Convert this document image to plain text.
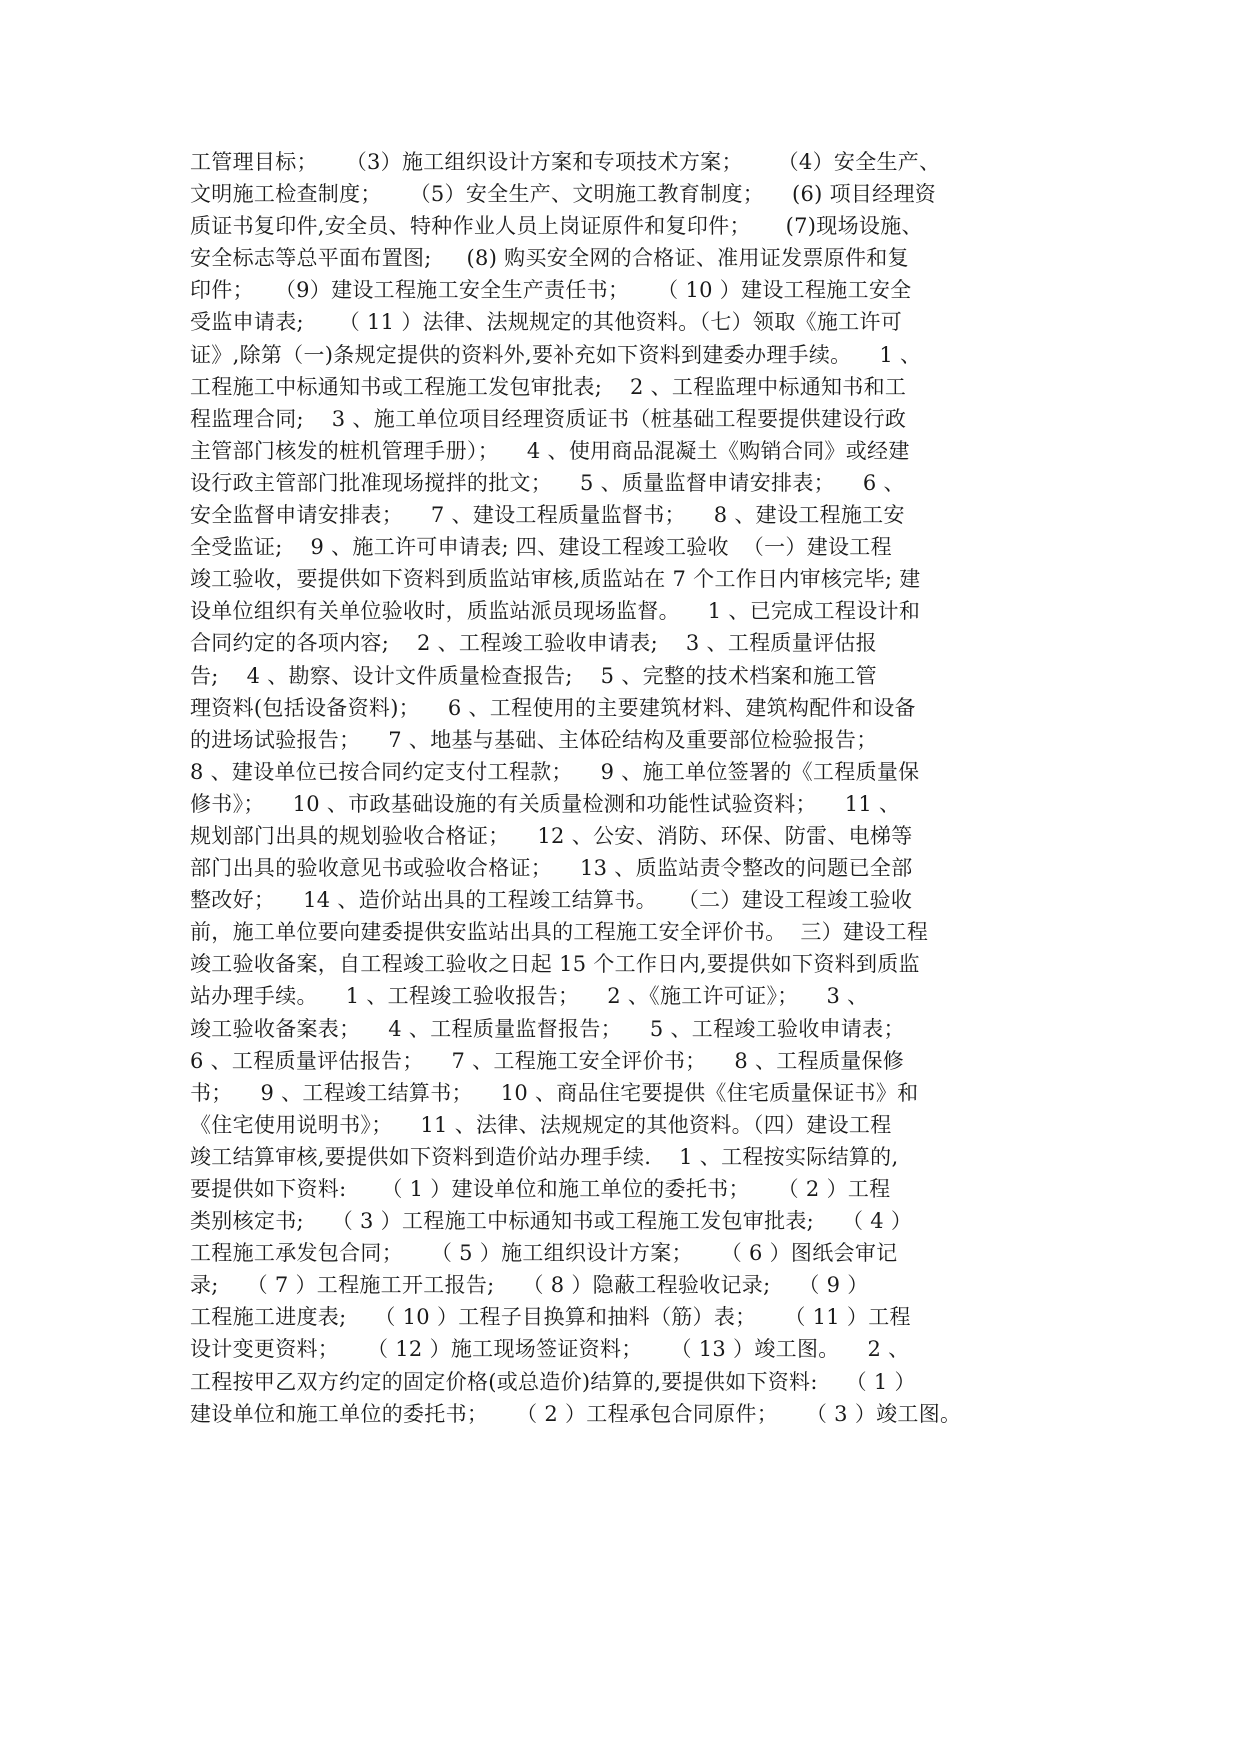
工管理目标；    （3）施工组织设计方案和专项技术方案；     （4）安全生产、
文明施工检查制度；    （5）安全生产、文明施工教育制度；    (6) 项目经理资
质证书复印件,安全员、特种作业人员上岗证原件和复印件；     (7)现场设施、
安全标志等总平面布置图;     (8) 购买安全网的合格证、准用证发票原件和复
印件；   （9）建设工程施工安全生产责任书；    （ 10 ）建设工程施工安全
受监申请表;     （ 11 ）法律、法规规定的其他资料。（七）领取《施工许可
证》,除第（一)条规定提供的资料外,要补充如下资料到建委办理手续。    1 、
工程施工中标通知书或工程施工发包审批表;    2 、工程监理中标通知书和工
程监理合同;    3 、施工单位项目经理资质证书（桩基础工程要提供建设行政
主管部门核发的桩机管理手册）；    4 、使用商品混凝土《购销合同》或经建
设行政主管部门批准现场搅拌的批文；    5 、质量监督申请安排表；    6 、
安全监督申请安排表；    7 、建设工程质量监督书；    8 、建设工程施工安
全受监证;    9 、施工许可申请表; 四、建设工程竣工验收  （一）建设工程
竣工验收，要提供如下资料到质监站审核,质监站在 7 个工作日内审核完毕; 建
设单位组织有关单位验收时，质监站派员现场监督。    1 、已完成工程设计和
合同约定的各项内容;    2 、工程竣工验收申请表;    3 、工程质量评估报
告;    4 、勘察、设计文件质量检查报告;    5 、完整的技术档案和施工管
理资料(包括设备资料)；    6 、工程使用的主要建筑材料、建筑构配件和设备
的进场试验报告；    7 、地基与基础、主体砼结构及重要部位检验报告；
8 、建设单位已按合同约定支付工程款；    9 、施工单位签署的《工程质量保
修书》；    10 、市政基础设施的有关质量检测和功能性试验资料；    11 、
规划部门出具的规划验收合格证；    12 、公安、消防、环保、防雷、电梯等
部门出具的验收意见书或验收合格证；    13 、质监站责令整改的问题已全部
整改好；    14 、造价站出具的工程竣工结算书。   （二）建设工程竣工验收
前，施工单位要向建委提供安监站出具的工程施工安全评价书。  三）建设工程
竣工验收备案，自工程竣工验收之日起 15 个工作日内,要提供如下资料到质监
站办理手续。    1 、工程竣工验收报告；    2 、《施工许可证》；    3 、
竣工验收备案表；    4 、工程质量监督报告；    5 、工程竣工验收申请表；
6 、工程质量评估报告；    7 、工程施工安全评价书；    8 、工程质量保修
书；    9 、工程竣工结算书；    10 、商品住宅要提供《住宅质量保证书》和
《住宅使用说明书》；    11 、法律、法规规定的其他资料。（四）建设工程
竣工结算审核,要提供如下资料到造价站办理手续.    1 、工程按实际结算的,
要提供如下资料:     （ 1 ）建设单位和施工单位的委托书；    （ 2 ）工程
类别核定书;    （ 3 ）工程施工中标通知书或工程施工发包审批表;    （ 4 ）
工程施工承发包合同；    （ 5 ）施工组织设计方案；    （ 6 ）图纸会审记
录;    （ 7 ）工程施工开工报告;    （ 8 ）隐蔽工程验收记录;    （ 9 ）
工程施工进度表;    （ 10 ）工程子目换算和抽料（筋）表；    （ 11 ）工程
设计变更资料；    （ 12 ）施工现场签证资料；    （ 13 ）竣工图。    2 、
工程按甲乙双方约定的固定价格(或总造价)结算的,要提供如下资料:    （ 1 ）
建设单位和施工单位的委托书；    （ 2 ）工程承包合同原件；    （ 3 ）竣工图。
